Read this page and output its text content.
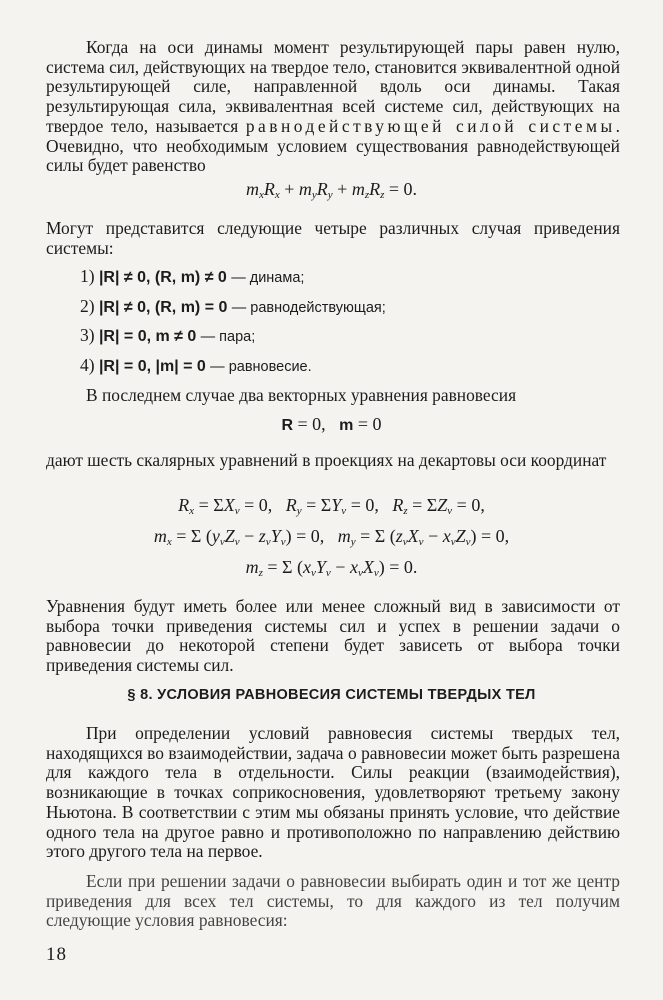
Когда на оси динамы момент результирующей пары равен нулю, система сил, действующих на твердое тело, становится эквивалентной одной результирующей силе, направленной вдоль оси динамы. Такая результирующая сила, эквивалентная всей системе сил, действующих на твердое тело, называется равнодействующей силой системы. Очевидно, что необходимым условием существования равнодействующей силы будет равенство

$m_xR_x + m_yR_y + m_zR_z = 0$.

Могут представится следующие четыре различных случая приведения системы:

1) |R| ≠ 0, (R, m) ≠ 0 — динама;
2) |R| ≠ 0, (R, m) = 0 — равнодействующая;
3) |R| = 0, m ≠ 0 — пара;
4) |R| = 0, |m| = 0 — равновесие.

В последнем случае два векторных уравнения равновесия

R = 0,   m = 0

дают шесть скалярных уравнений в проекциях на декартовы оси координат

$R_x = \Sigma X_\nu = 0$,   $R_y = \Sigma Y_\nu = 0$,   $R_z = \Sigma Z_\nu = 0$,
$m_x = \Sigma$ $(y_\nu Z_\nu - z_\nu Y_\nu) = 0$,   $m_y = \Sigma$ $(z_\nu X_\nu - x_\nu Z_\nu) = 0$,
$m_z = \Sigma$ $(x_\nu Y_\nu - x_\nu X_\nu) = 0$.

Уравнения будут иметь более или менее сложный вид в зависимости от выбора точки приведения системы сил и успех в решении задачи о равновесии до некоторой степени будет зависеть от выбора точки приведения системы сил.

§ 8. УСЛОВИЯ РАВНОВЕСИЯ СИСТЕМЫ ТВЕРДЫХ ТЕЛ

При определении условий равновесия системы твердых тел, находящихся во взаимодействии, задача о равновесии может быть разрешена для каждого тела в отдельности. Силы реакции (взаимодействия), возникающие в точках соприкосновения, удовлетворяют третьему закону Ньютона. В соответствии с этим мы обязаны принять условие, что действие одного тела на другое равно и противоположно по направлению действию этого другого тела на первое.

Если при решении задачи о равновесии выбирать один и тот же центр приведения для всех тел системы, то для каждого из тел получим следующие условия равновесия:

18
